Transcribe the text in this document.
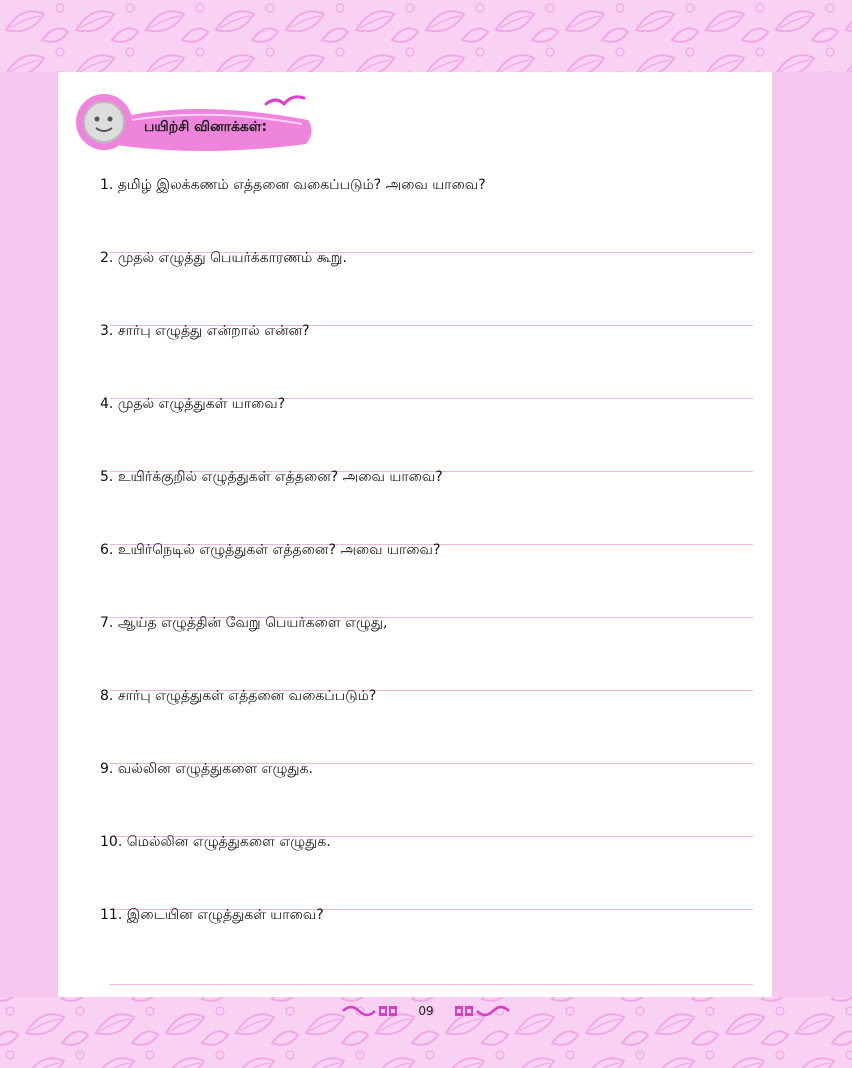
பயிற்சி வினாக்கள்:
1. தமிழ் இலக்கணம் எத்தனை வகைப்படும்? அவை யாவை?
2. முதல் எழுத்து பெயர்க்காரணம் கூறு.
3. சார்பு எழுத்து என்றால் என்ன?
4. முதல் எழுத்துகள் யாவை?
5. உயிர்க்குறில் எழுத்துகள் எத்தனை? அவை யாவை?
6. உயிர்நெடில் எழுத்துகள் எத்தனை? அவை யாவை?
7. ஆய்த எழுத்தின் வேறு பெயர்களை எழுது,
8. சார்பு எழுத்துகள் எத்தனை வகைப்படும்?
9. வல்லின எழுத்துகளை எழுதுக.
10. மெல்லின எழுத்துகளை எழுதுக.
11. இடையின எழுத்துகள் யாவை?
09
